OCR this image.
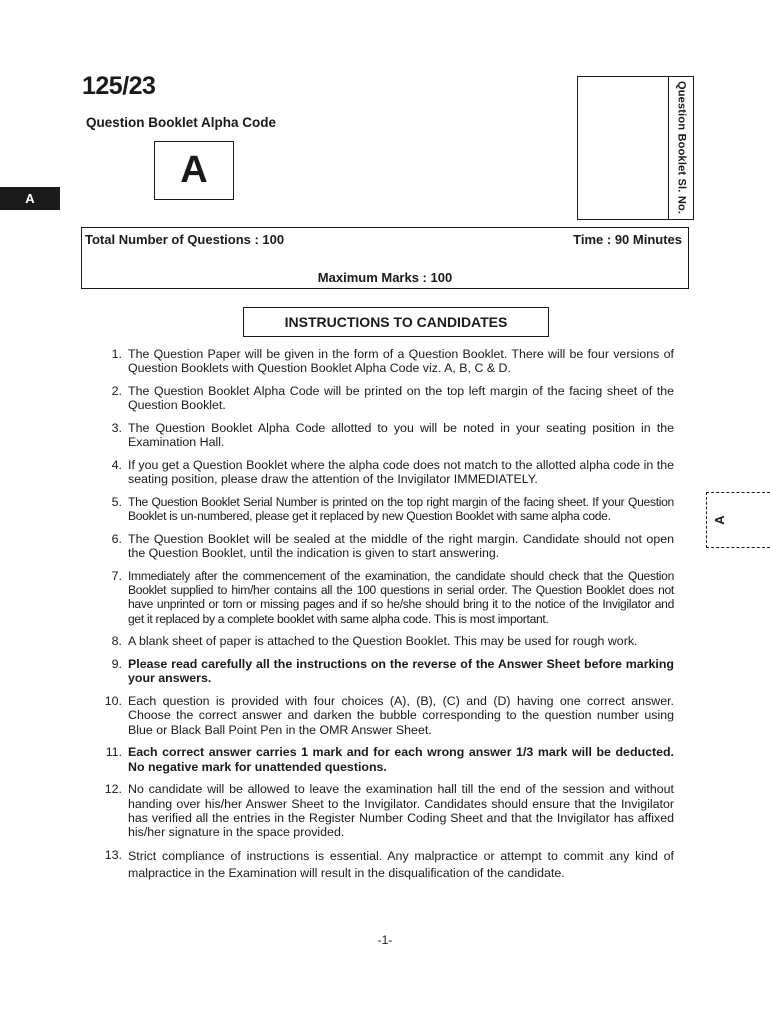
125/23
Question Booklet Alpha Code
A
A	Question Booklet Sl. No.
Total Number of Questions : 100	Time : 90 Minutes
Maximum Marks : 100
INSTRUCTIONS TO CANDIDATES
1. The Question Paper will be given in the form of a Question Booklet. There will be four versions of Question Booklets with Question Booklet Alpha Code viz. A, B, C & D.
2. The Question Booklet Alpha Code will be printed on the top left margin of the facing sheet of the Question Booklet.
3. The Question Booklet Alpha Code allotted to you will be noted in your seating position in the Examination Hall.
4. If you get a Question Booklet where the alpha code does not match to the allotted alpha code in the seating position, please draw the attention of the Invigilator IMMEDIATELY.
5. The Question Booklet Serial Number is printed on the top right margin of the facing sheet. If your Question Booklet is un-numbered, please get it replaced by new Question Booklet with same alpha code.
6. The Question Booklet will be sealed at the middle of the right margin. Candidate should not open the Question Booklet, until the indication is given to start answering.
7. Immediately after the commencement of the examination, the candidate should check that the Question Booklet supplied to him/her contains all the 100 questions in serial order. The Question Booklet does not have unprinted or torn or missing pages and if so he/she should bring it to the notice of the Invigilator and get it replaced by a complete booklet with same alpha code. This is most important.
8. A blank sheet of paper is attached to the Question Booklet. This may be used for rough work.
9. Please read carefully all the instructions on the reverse of the Answer Sheet before marking your answers.
10. Each question is provided with four choices (A), (B), (C) and (D) having one correct answer. Choose the correct answer and darken the bubble corresponding to the question number using Blue or Black Ball Point Pen in the OMR Answer Sheet.
11. Each correct answer carries 1 mark and for each wrong answer 1/3 mark will be deducted. No negative mark for unattended questions.
12. No candidate will be allowed to leave the examination hall till the end of the session and without handing over his/her Answer Sheet to the Invigilator. Candidates should ensure that the Invigilator has verified all the entries in the Register Number Coding Sheet and that the Invigilator has affixed his/her signature in the space provided.
13. Strict compliance of instructions is essential. Any malpractice or attempt to commit any kind of malpractice in the Examination will result in the disqualification of the candidate.
A
-1-
